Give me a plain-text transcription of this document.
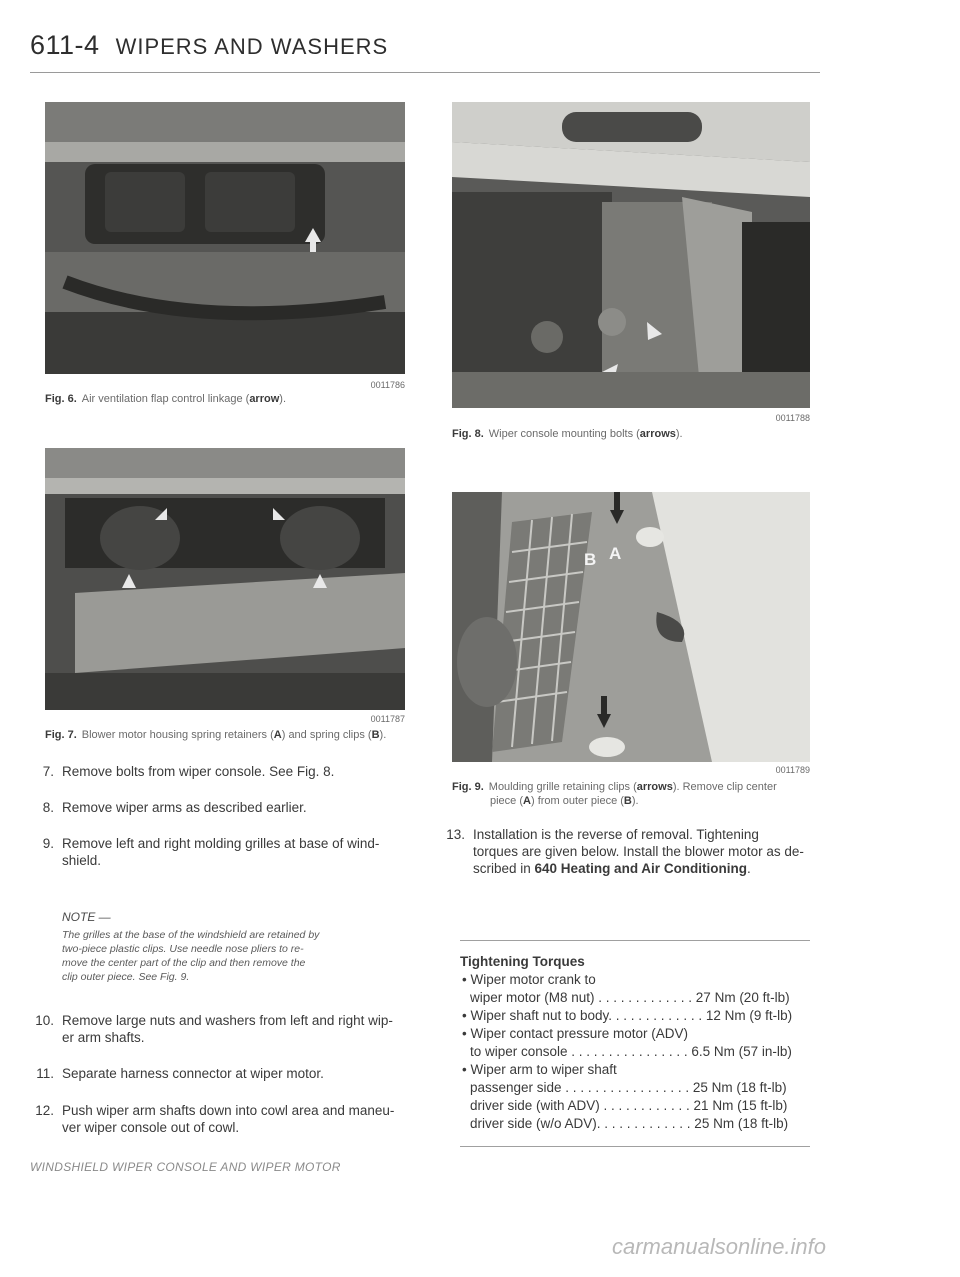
611-4 WIPERS AND WASHERS
0011786
Fig. 6. Air ventilation flap control linkage (arrow).
0011787
Fig. 7. Blower motor housing spring retainers (A) and spring clips (B).
7. Remove bolts from wiper console. See Fig. 8.
8. Remove wiper arms as described earlier.
9. Remove left and right molding grilles at base of wind-
shield.
NOTE —
The grilles at the base of the windshield are retained by
two-piece plastic clips. Use needle nose pliers to re-
move the center part of the clip and then remove the
clip outer piece. See Fig. 9.
10. Remove large nuts and washers from left and right wip-
er arm shafts.
11. Separate harness connector at wiper motor.
12. Push wiper arm shafts down into cowl area and maneu-
ver wiper console out of cowl.
WINDSHIELD WIPER CONSOLE AND WIPER MOTOR
0011788
Fig. 8. Wiper console mounting bolts (arrows).
B A
0011789
Fig. 9. Moulding grille retaining clips (arrows). Remove clip center
piece (A) from outer piece (B).
13. Installation is the reverse of removal. Tightening
torques are given below. Install the blower motor as de-
scribed in 640 Heating and Air Conditioning.
Tightening Torques
• Wiper motor crank to
wiper motor (M8 nut) . . . . . . . . . . . . . 27 Nm (20 ft-lb)
• Wiper shaft nut to body. . . . . . . . . . . . . 12 Nm (9 ft-lb)
• Wiper contact pressure motor (ADV)
to wiper console . . . . . . . . . . . . . . . . 6.5 Nm (57 in-lb)
• Wiper arm to wiper shaft
passenger side . . . . . . . . . . . . . . . . . 25 Nm (18 ft-lb)
driver side (with ADV) . . . . . . . . . . . . 21 Nm (15 ft-lb)
driver side (w/o ADV). . . . . . . . . . . . . 25 Nm (18 ft-lb)
carmanualsonline.info
